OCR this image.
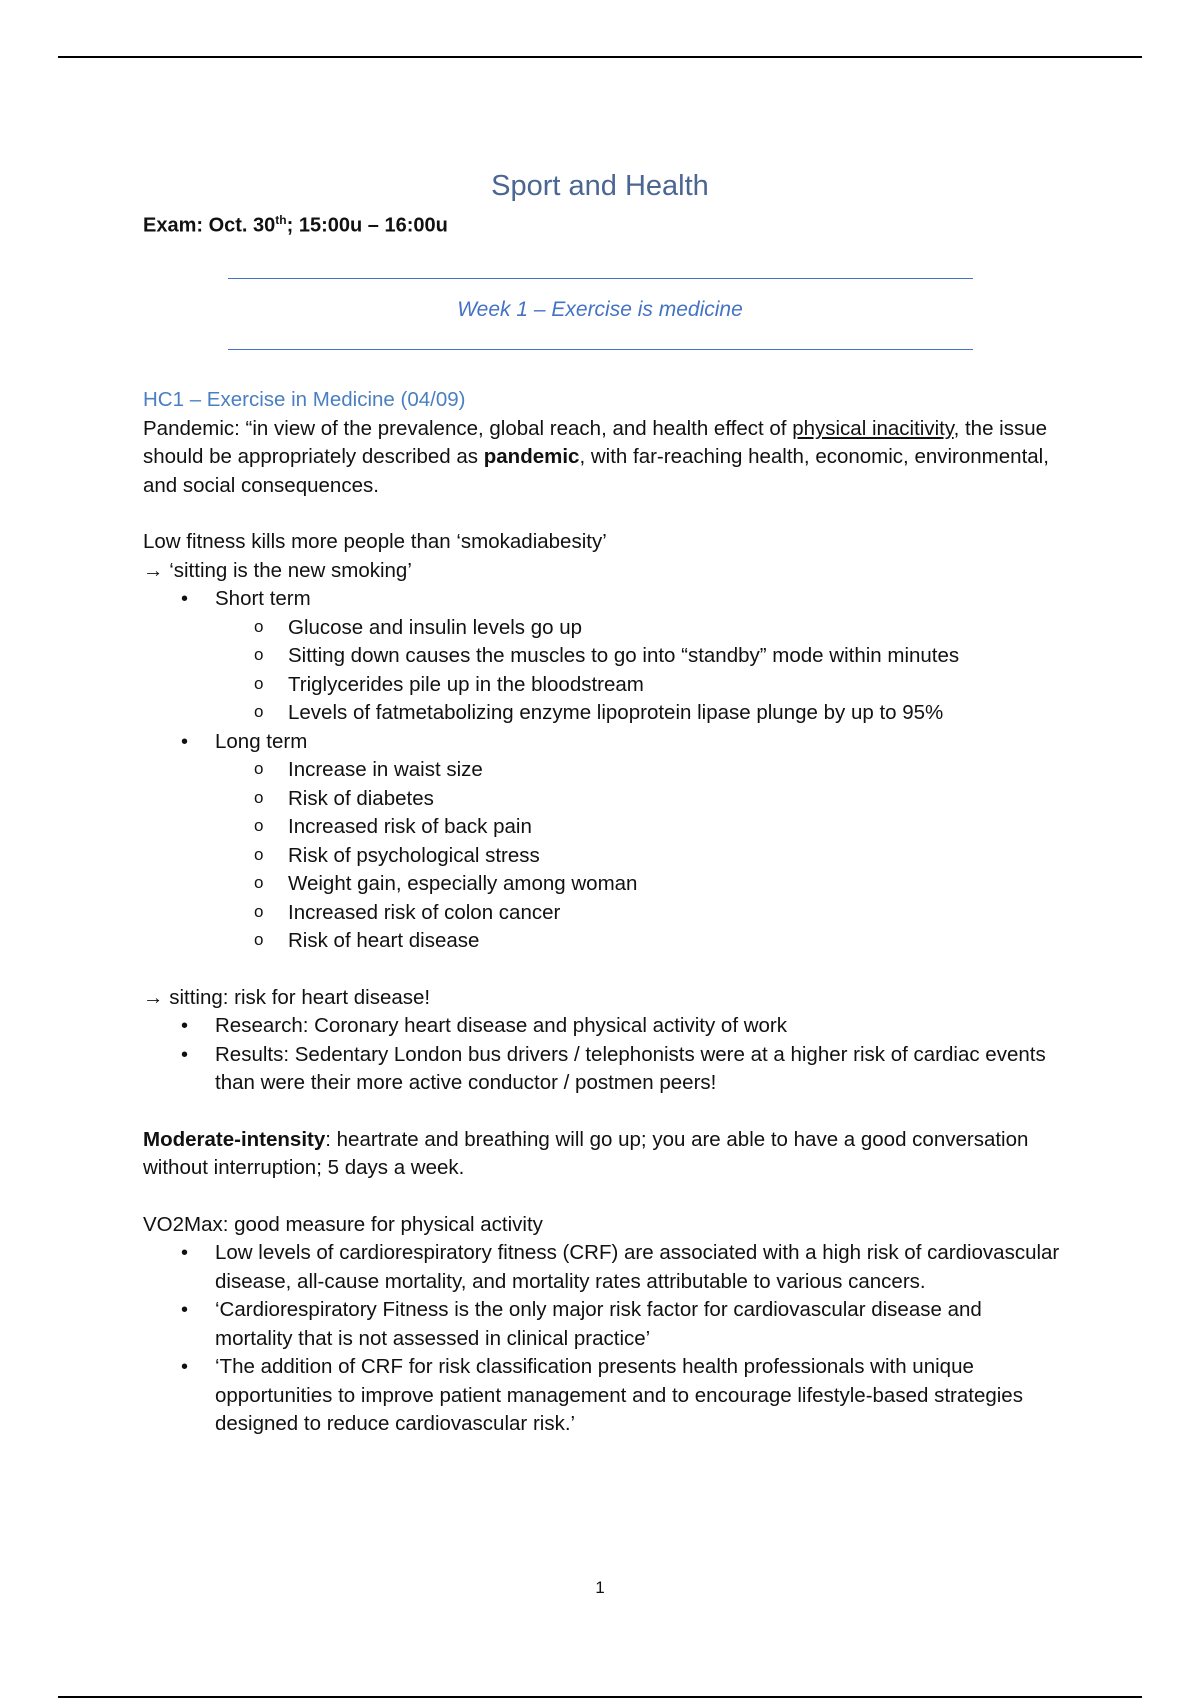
Sport and Health
Exam: Oct. 30th; 15:00u – 16:00u
Week 1 – Exercise is medicine

HC1 – Exercise in Medicine (04/09)

Pandemic: “in view of the prevalence, global reach, and health effect of physical inacitivity, the issue should be appropriately described as pandemic, with far-reaching health, economic, environmental, and social consequences.

Low fitness kills more people than ‘smokadiabesity’

→ ‘sitting is the new smoking’

• Short term
o Glucose and insulin levels go up
o Sitting down causes the muscles to go into “standby” mode within minutes
o Triglycerides pile up in the bloodstream
o Levels of fatmetabolizing enzyme lipoprotein lipase plunge by up to 95%
• Long term
o Increase in waist size
o Risk of diabetes
o Increased risk of back pain
o Risk of psychological stress
o Weight gain, especially among woman
o Increased risk of colon cancer
o Risk of heart disease

→ sitting: risk for heart disease!

• Research: Coronary heart disease and physical activity of work
• Results: Sedentary London bus drivers / telephonists were at a higher risk of cardiac events than were their more active conductor / postmen peers!

Moderate-intensity: heartrate and breathing will go up; you are able to have a good conversation without interruption; 5 days a week.

VO2Max: good measure for physical activity

• Low levels of cardiorespiratory fitness (CRF) are associated with a high risk of cardiovascular disease, all-cause mortality, and mortality rates attributable to various cancers.
• ‘Cardiorespiratory Fitness is the only major risk factor for cardiovascular disease and mortality that is not assessed in clinical practice’
• ‘The addition of CRF for risk classification presents health professionals with unique opportunities to improve patient management and to encourage lifestyle-based strategies designed to reduce cardiovascular risk.’
1
